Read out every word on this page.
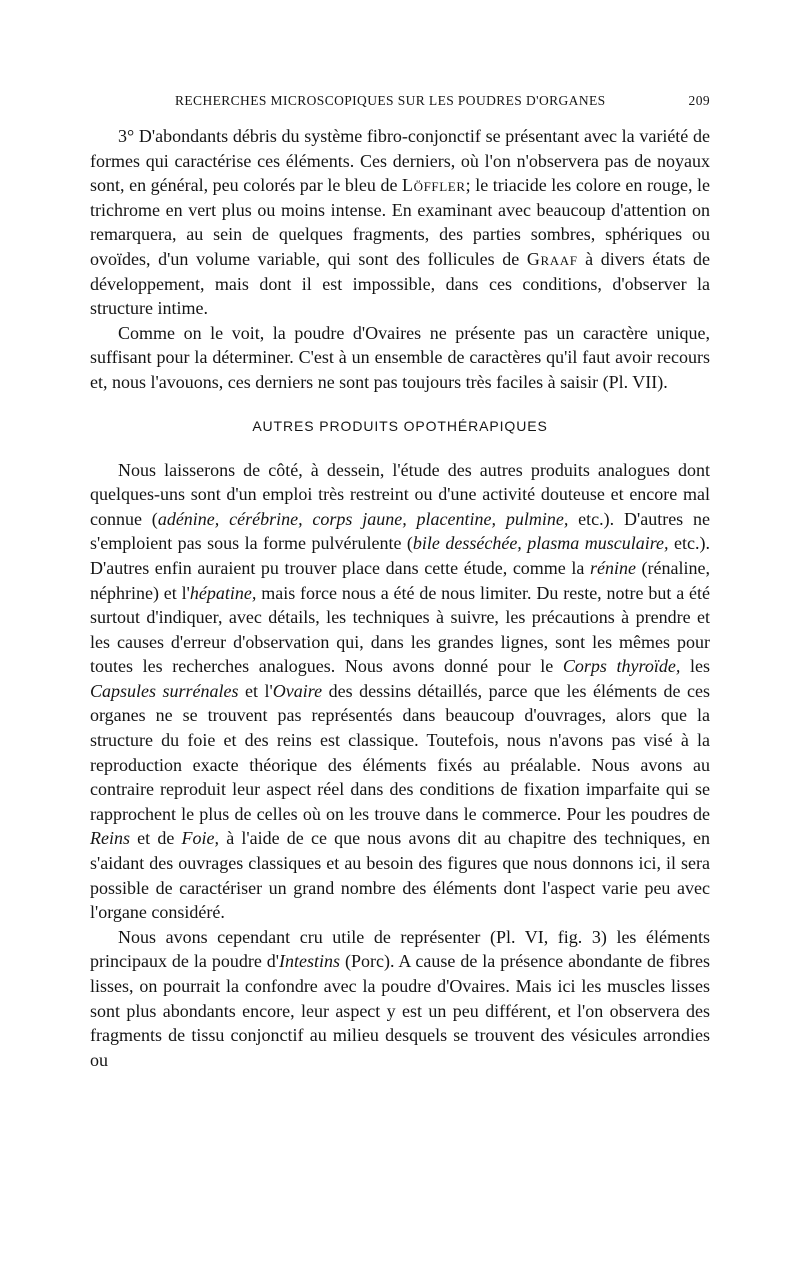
RECHERCHES MICROSCOPIQUES SUR LES POUDRES D'ORGANES	209

3° D'abondants débris du système fibro-conjonctif se présentant avec la variété de formes qui caractérise ces éléments. Ces derniers, où l'on n'observera pas de noyaux sont, en général, peu colorés par le bleu de Löffler; le triacide les colore en rouge, le trichrome en vert plus ou moins intense. En examinant avec beaucoup d'attention on remarquera, au sein de quelques fragments, des parties sombres, sphériques ou ovoïdes, d'un volume variable, qui sont des follicules de Graaf à divers états de développement, mais dont il est impossible, dans ces conditions, d'observer la structure intime.

Comme on le voit, la poudre d'Ovaires ne présente pas un caractère unique, suffisant pour la déterminer. C'est à un ensemble de caractères qu'il faut avoir recours et, nous l'avouons, ces derniers ne sont pas toujours très faciles à saisir (Pl. VII).

AUTRES PRODUITS OPOTHÉRAPIQUES

Nous laisserons de côté, à dessein, l'étude des autres produits analogues dont quelques-uns sont d'un emploi très restreint ou d'une activité douteuse et encore mal connue (adénine, cérébrine, corps jaune, placentine, pulmine, etc.). D'autres ne s'emploient pas sous la forme pulvérulente (bile desséchée, plasma musculaire, etc.). D'autres enfin auraient pu trouver place dans cette étude, comme la rénine (rénaline, néphrine) et l'hépatine, mais force nous a été de nous limiter. Du reste, notre but a été surtout d'indiquer, avec détails, les techniques à suivre, les précautions à prendre et les causes d'erreur d'observation qui, dans les grandes lignes, sont les mêmes pour toutes les recherches analogues. Nous avons donné pour le Corps thyroïde, les Capsules surrénales et l'Ovaire des dessins détaillés, parce que les éléments de ces organes ne se trouvent pas représentés dans beaucoup d'ouvrages, alors que la structure du foie et des reins est classique. Toutefois, nous n'avons pas visé à la reproduction exacte théorique des éléments fixés au préalable. Nous avons au contraire reproduit leur aspect réel dans des conditions de fixation imparfaite qui se rapprochent le plus de celles où on les trouve dans le commerce. Pour les poudres de Reins et de Foie, à l'aide de ce que nous avons dit au chapitre des techniques, en s'aidant des ouvrages classiques et au besoin des figures que nous donnons ici, il sera possible de caractériser un grand nombre des éléments dont l'aspect varie peu avec l'organe considéré.

Nous avons cependant cru utile de représenter (Pl. VI, fig. 3) les éléments principaux de la poudre d'Intestins (Porc). A cause de la présence abondante de fibres lisses, on pourrait la confondre avec la poudre d'Ovaires. Mais ici les muscles lisses sont plus abondants encore, leur aspect y est un peu différent, et l'on observera des fragments de tissu conjonctif au milieu desquels se trouvent des vésicules arrondies ou
